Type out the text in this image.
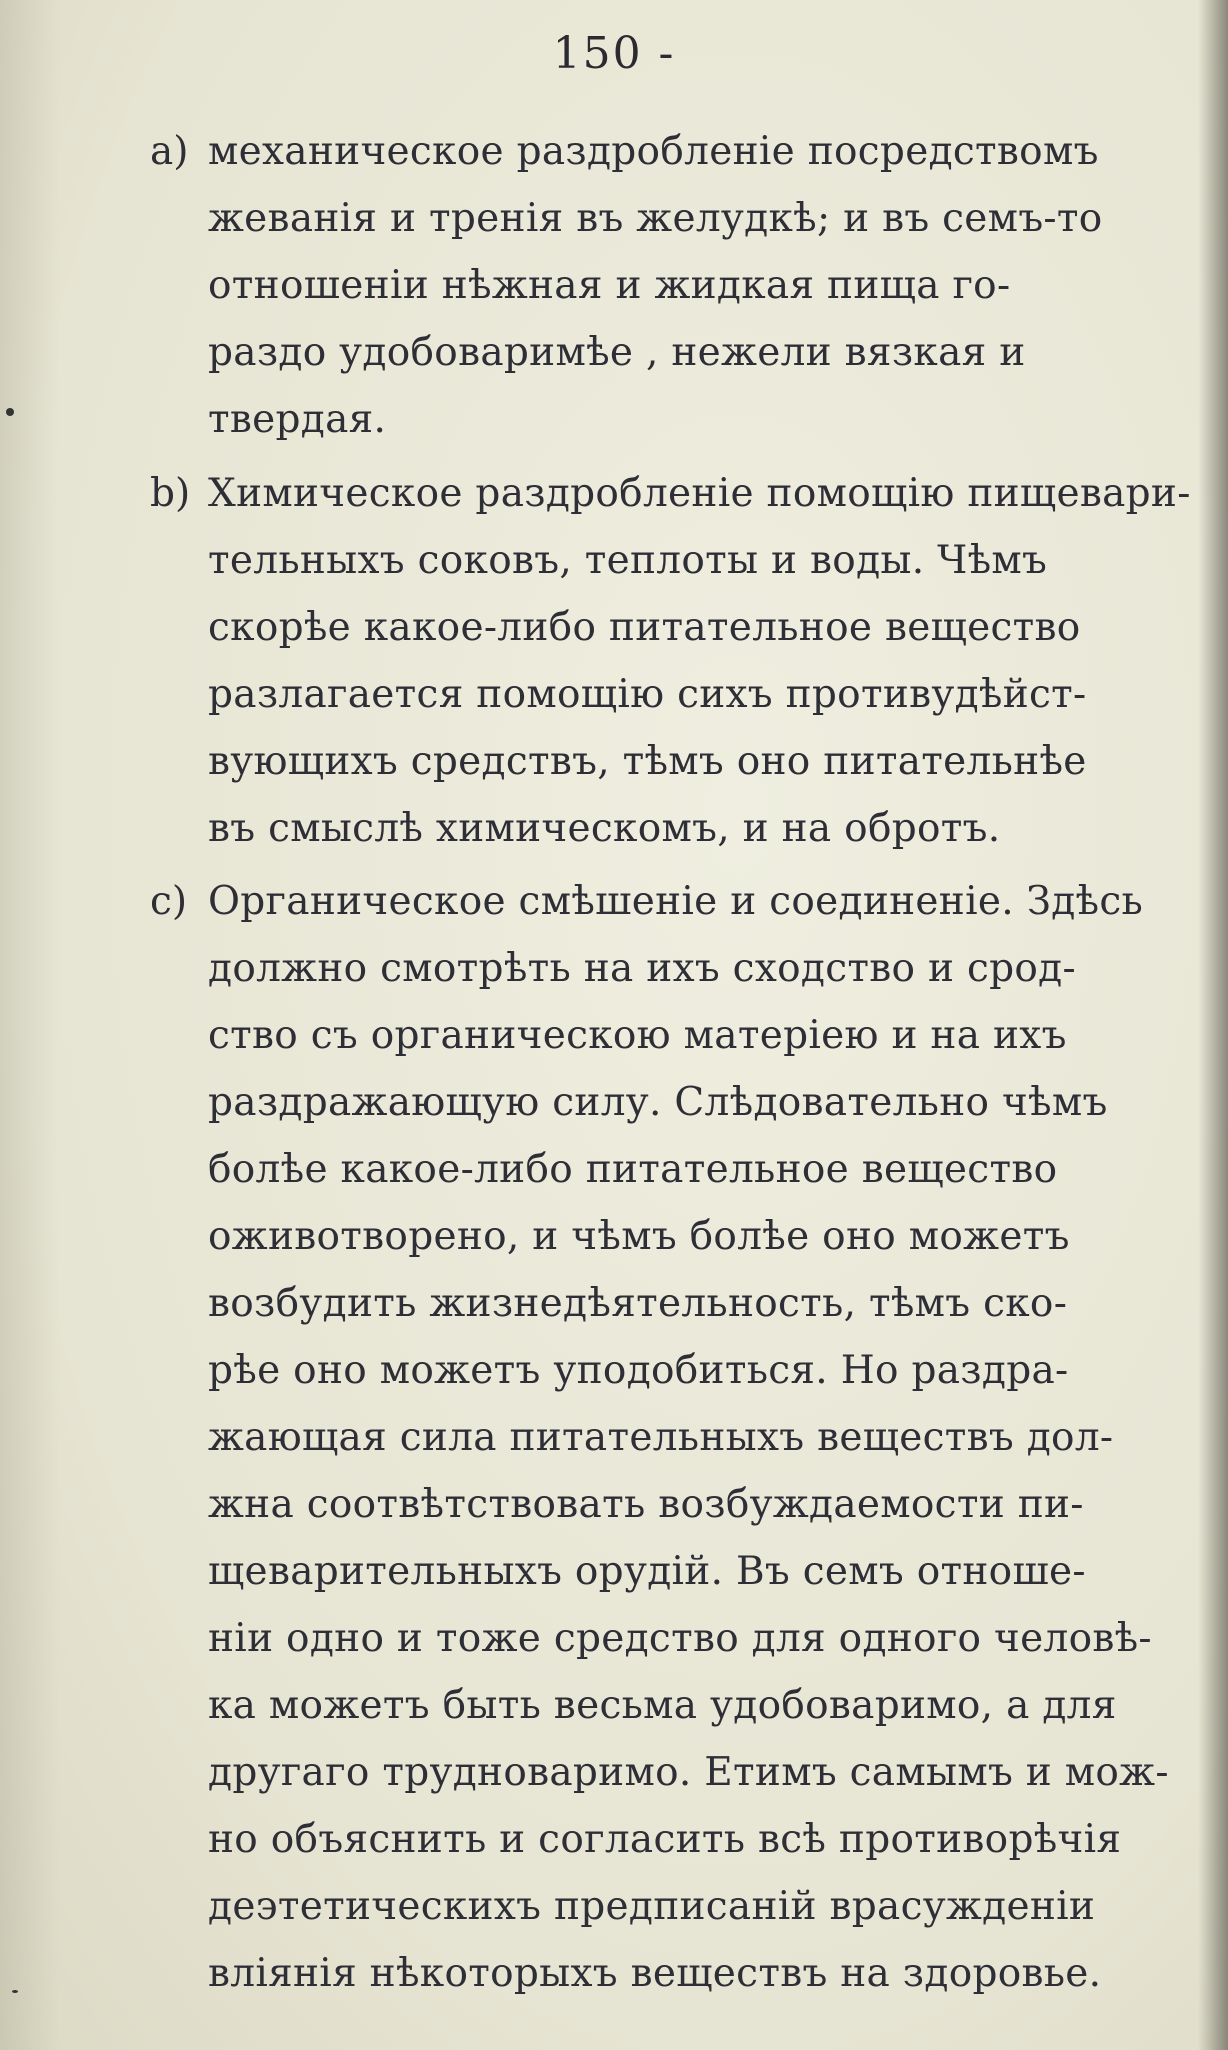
150 -
a) механическое раздробленіе посредствомъ
жеванія и тренія въ желудкѣ; и въ семъ-то
отношеніи нѣжная и жидкая пища го-
раздо удобоваримѣе , нежели вязкая и
твердая.
b) Химическое раздробленіе помощію пищевари-
тельныхъ соковъ, теплоты и воды. Чѣмъ
скорѣе какое-либо питательное вещество
разлагается помощію сихъ противудѣйст-
вующихъ средствъ, тѣмъ оно питательнѣе
въ смыслѣ химическомъ, и на обротъ.
c) Органическое смѣшеніе и соединеніе. Здѣсь
должно смотрѣть на ихъ сходство и срод-
ство съ органическою матеріею и на ихъ
раздражающую силу. Слѣдовательно чѣмъ
болѣе какое-либо питательное вещество
оживотворено, и чѣмъ болѣе оно можетъ
возбудить жизнедѣятельность, тѣмъ ско-
рѣе оно можетъ уподобиться. Но раздра-
жающая сила питательныхъ веществъ дол-
жна соотвѣтствовать возбуждаемости пи-
щеварительныхъ орудій. Въ семъ отноше-
ніи одно и тоже средство для одного человѣ-
ка можетъ быть весьма удобоваримо, а для
другаго трудноваримо. Етимъ самымъ и мож-
но объяснить и согласить всѣ противорѣчія
деэтетическихъ предписаній врасужденіи
вліянія нѣкоторыхъ веществъ на здоровье.
